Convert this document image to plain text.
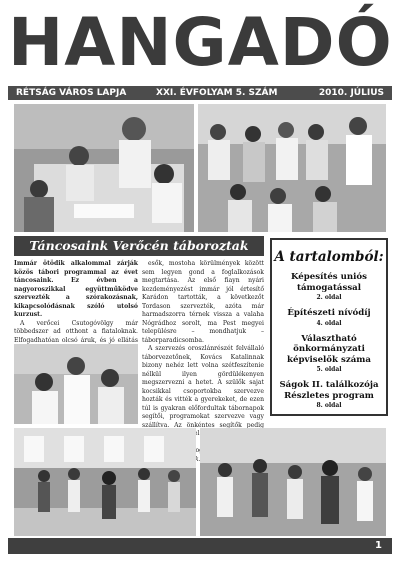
HANGADÓ
RÉTSÁG VÁROS LAPJA	XXI. ÉVFOLYAM 5. SZÁM	2010. JÚLIUS
Táncosaink Verőcén táboroztak

Immár ötödik alkalommal zárják közös tábori programmal az évet táncosaink. Ez évben a nagyoroszikkal együttműködve szervezték a szórakozásnak, kikapcsolódásnak szóló utolsó kurzust.

A verőcei Csutogóvölgy már többedszer ad otthont a fiataloknak. Elfogadhatóan olcsó áruk, és jó ellátás

esők, mostoha körülmények között sem legyen gond a foglalkozások megtartása. Az első fiayn nyári kezdeményezést immár jól értesítő Karádon tartották, a következőt Tordason szervezték, azóta már harmadszorra térnek vissza a valaha Nógrádhoz sorolt, ma Pest megyei településre – mondhatjuk – táborparadicsomba.

A szervezés oroszlánrészét felvállaló táborvezetőnek, Kovács Katalinnak bizony nehéz lett volna szétfeszítenie nélkül ilyen gördülékenyen megszervezni a hetet. A szülők sajat kocsikkal csoportokba szervezve hozták és vitték a gyerekeket, de ezen túl is gyakran előfordultak tábornapok segítői, programokat szervezve vagy szállítva. Az önkéntes segítők pedig

A tartalomból:
Képesítés uniós támogatással
2. oldal
Építészeti nívódíj
4. oldal
Választható önkormányzati képviselők száma
5. oldal
Ságok II. találkozója Részletes program
8. oldal
1
